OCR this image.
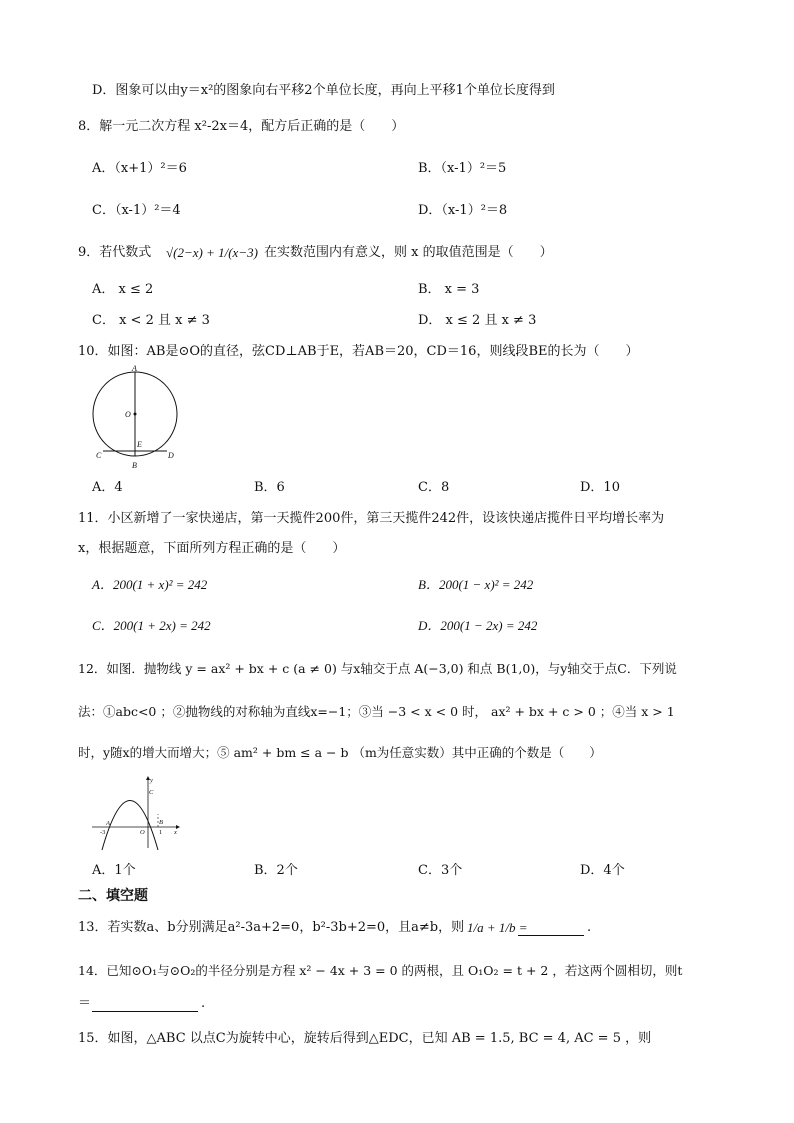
D．图象可以由y＝x²的图象向右平移2个单位长度，再向上平移1个单位长度得到
8．解一元二次方程 x²-2x＝4，配方后正确的是（　　）
A．（x+1）²＝6	B．（x-1）²＝5
C．（x-1）²＝4	D．（x-1）²＝8
9．若代数式 √(2−x) + 1/(x−3) 在实数范围内有意义，则 x 的取值范围是（　　）
A． x ≤ 2	B． x = 3
C． x < 2 且 x ≠ 3	D． x ≤ 2 且 x ≠ 3
10．如图：AB是⊙O的直径，弦CD⊥AB于E，若AB＝20，CD＝16，则线段BE的长为（　　）
A
O
E
C
B
D
A．4	B．6	C．8	D．10
11．小区新增了一家快递店，第一天揽件200件，第三天揽件242件，设该快递店揽件日平均增长率为
x，根据题意，下面所列方程正确的是（　　）
A．200(1 + x)² = 242	B．200(1 − x)² = 242
C．200(1 + 2x) = 242	D．200(1 − 2x) = 242
12．如图．抛物线 y = ax² + bx + c (a ≠ 0) 与x轴交于点 A(−3,0) 和点 B(1,0)，与y轴交于点C．下列说
法：①abc<0 ；②抛物线的对称轴为直线x=−1；③当 −3 < x < 0 时， ax² + bx + c > 0 ；④当 x > 1
时，y随x的增大而增大；⑤ am² + bm ≤ a − b （m为任意实数）其中正确的个数是（　　）
y
C
A	B
-3	O 1 x
A．1个	B．2个	C．3个	D．4个
二、填空题
13．若实数a、b分别满足a²-3a+2=0，b²-3b+2=0，且a≠b，则 1/a + 1/b =	.
14．已知⊙O₁与⊙O₂的半径分别是方程 x² − 4x + 3 = 0 的两根，且 O₁O₂ = t + 2 ，若这两个圆相切，则t
＝	.
15．如图，△ABC 以点C为旋转中心，旋转后得到△EDC，已知 AB = 1.5, BC = 4, AC = 5 ，则
